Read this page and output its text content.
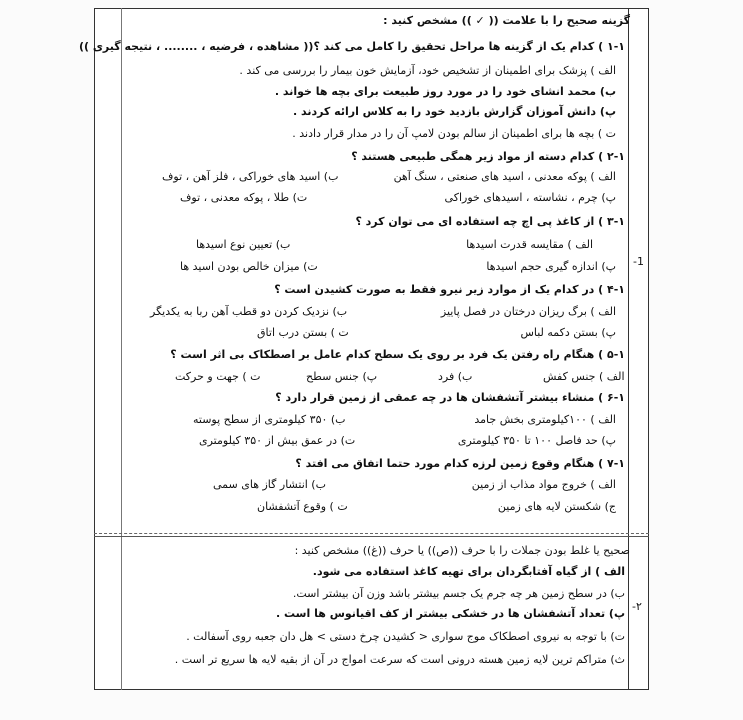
-1
-۲
گزینه صحیح را با علامت (( ✓ )) مشخص کنید :
۱-۱ ) کدام یک از گزینه ها مراحل تحقیق را کامل می کند ؟(( مشاهده ، فرضیه ، ........ ، نتیجه گیری ))
الف ) پزشک برای اطمینان از تشخیص خود، آزمایش خون بیمار را بررسی می کند .
ب) محمد انشای خود را در مورد روز طبیعت برای بچه ها خواند .
پ) دانش آموزان گزارش بازدید خود را به کلاس ارائه کردند .
ت ) بچه ها برای اطمینان از سالم بودن لامپ آن را در مدار قرار دادند .
۲-۱ ) کدام دسته از مواد زیر همگی طبیعی هستند ؟
الف ) پوکه معدنی ، اسید های صنعتی ، سنگ آهن
ب) اسید های خوراکی ، فلز آهن ، توف
پ) چرم ، نشاسته ، اسیدهای خوراکی
ت) طلا ، پوکه معدنی ، توف
۳-۱ ) از کاغذ پی اچ چه استفاده ای می توان کرد ؟
الف ) مقایسه قدرت اسیدها
ب) تعیین نوع اسیدها
پ) اندازه گیری حجم اسیدها
ت) میزان خالص بودن اسید ها
۴-۱ ) در کدام یک از موارد زیر نیرو فقط به صورت کشیدن است ؟
الف ) برگ ریزان درختان در فصل پاییز
ب) نزدیک کردن دو قطب آهن ربا به یکدیگر
پ) بستن دکمه لباس
ت ) بستن درب اتاق
۵-۱ ) هنگام راه رفتن یک فرد بر روی یک سطح کدام عامل بر اصطکاک بی اثر است ؟
الف ) جنس کفش
ب) فرد
پ) جنس سطح
ت ) جهت و حرکت
۶-۱ ) منشاء بیشتر آتشفشان ها در چه عمقی از زمین قرار دارد ؟
الف ) ۱۰۰کیلومتری بخش جامد
ب) ۳۵۰ کیلومتری از سطح پوسته
پ) حد فاصل ۱۰۰ تا ۳۵۰ کیلومتری
ت) در عمق بیش از ۳۵۰ کیلومتری
۷-۱ ) هنگام وقوع زمین لرزه کدام مورد حتما اتفاق می افتد ؟
الف ) خروج مواد مذاب از زمین
ب) انتشار گاز های سمی
ج) شکستن لایه های زمین
ت ) وقوع آتشفشان
صحیح یا غلط بودن جملات را با حرف ((ص)) یا حرف ((غ)) مشخص کنید :
الف ) از گیاه آفتابگردان برای تهیه کاغذ استفاده می شود.
ب) در سطح زمین هر چه جرم یک جسم بیشتر باشد وزن آن بیشتر است.
پ) تعداد آتشفشان ها در خشکی بیشتر از کف اقیانوس ها است .
ت) با توجه به نیروی اصطکاک موج سواری < کشیدن چرخ دستی > هل دان جعبه روی آسفالت .
ث) متراکم ترین لایه زمین هسته درونی است که سرعت امواج در آن از بقیه لایه ها سریع تر است .
